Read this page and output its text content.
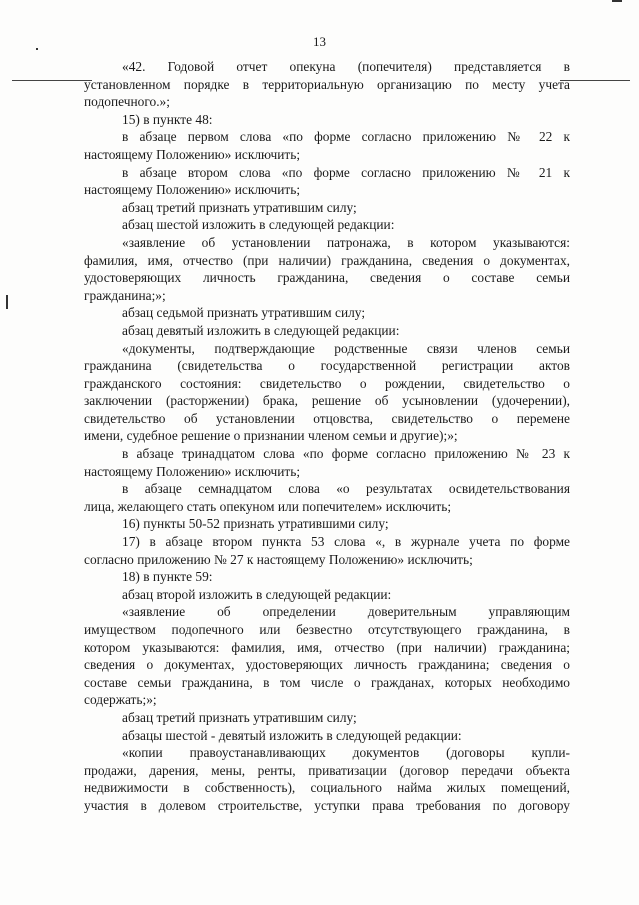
13
«42. Годовой отчет опекуна (попечителя) представляется в
установленном порядке в территориальную организацию по месту учета
подопечного.»;
15) в пункте 48:
в абзаце первом слова «по форме согласно приложению № 22 к
настоящему Положению» исключить;
в абзаце втором слова «по форме согласно приложению № 21 к
настоящему Положению» исключить;
абзац третий признать утратившим силу;
абзац шестой изложить в следующей редакции:
«заявление об установлении патронажа, в котором указываются:
фамилия, имя, отчество (при наличии) гражданина, сведения о документах,
удостоверяющих личность гражданина, сведения о составе семьи
гражданина;»;
абзац седьмой признать утратившим силу;
абзац девятый изложить в следующей редакции:
«документы, подтверждающие родственные связи членов семьи
гражданина (свидетельства о государственной регистрации актов
гражданского состояния: свидетельство о рождении, свидетельство о
заключении (расторжении) брака, решение об усыновлении (удочерении),
свидетельство об установлении отцовства, свидетельство о перемене
имени, судебное решение о признании членом семьи и другие);»;
в абзаце тринадцатом слова «по форме согласно приложению № 23 к
настоящему Положению» исключить;
в абзаце семнадцатом слова «о результатах освидетельствования
лица, желающего стать опекуном или попечителем» исключить;
16) пункты 50-52 признать утратившими силу;
17) в абзаце втором пункта 53 слова «, в журнале учета по форме
согласно приложению № 27 к настоящему Положению» исключить;
18) в пункте 59:
абзац второй изложить в следующей редакции:
«заявление об определении доверительным управляющим
имуществом подопечного или безвестно отсутствующего гражданина, в
котором указываются: фамилия, имя, отчество (при наличии) гражданина;
сведения о документах, удостоверяющих личность гражданина; сведения о
составе семьи гражданина, в том числе о гражданах, которых необходимо
содержать;»;
абзац третий признать утратившим силу;
абзацы шестой - девятый изложить в следующей редакции:
«копии правоустанавливающих документов (договоры купли-
продажи, дарения, мены, ренты, приватизации (договор передачи объекта
недвижимости в собственность), социального найма жилых помещений,
участия в долевом строительстве, уступки права требования по договору
